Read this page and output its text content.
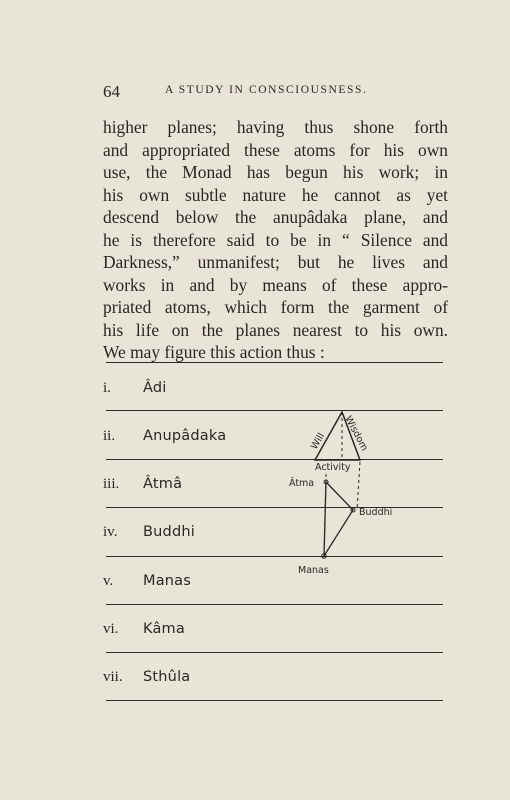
64	A STUDY IN CONSCIOUSNESS.

higher planes; having thus shone forth
and appropriated these atoms for his own
use, the Monad has begun his work; in
his own subtle nature he cannot as yet
descend below the anupâdaka plane, and
he is therefore said to be in “ Silence and
Darkness,” unmanifest; but he lives and
works in and by means of these appro-
priated atoms, which form the garment of
his life on the planes nearest to his own.
We may figure this action thus :

i. Âdi
ii. Anupâdaka
iii. Âtmâ
iv. Buddhi
v. Manas
vi. Kâma
vii. Sthûla
Will Wisdom
Activity
Âtma
Buddhi
Manas
